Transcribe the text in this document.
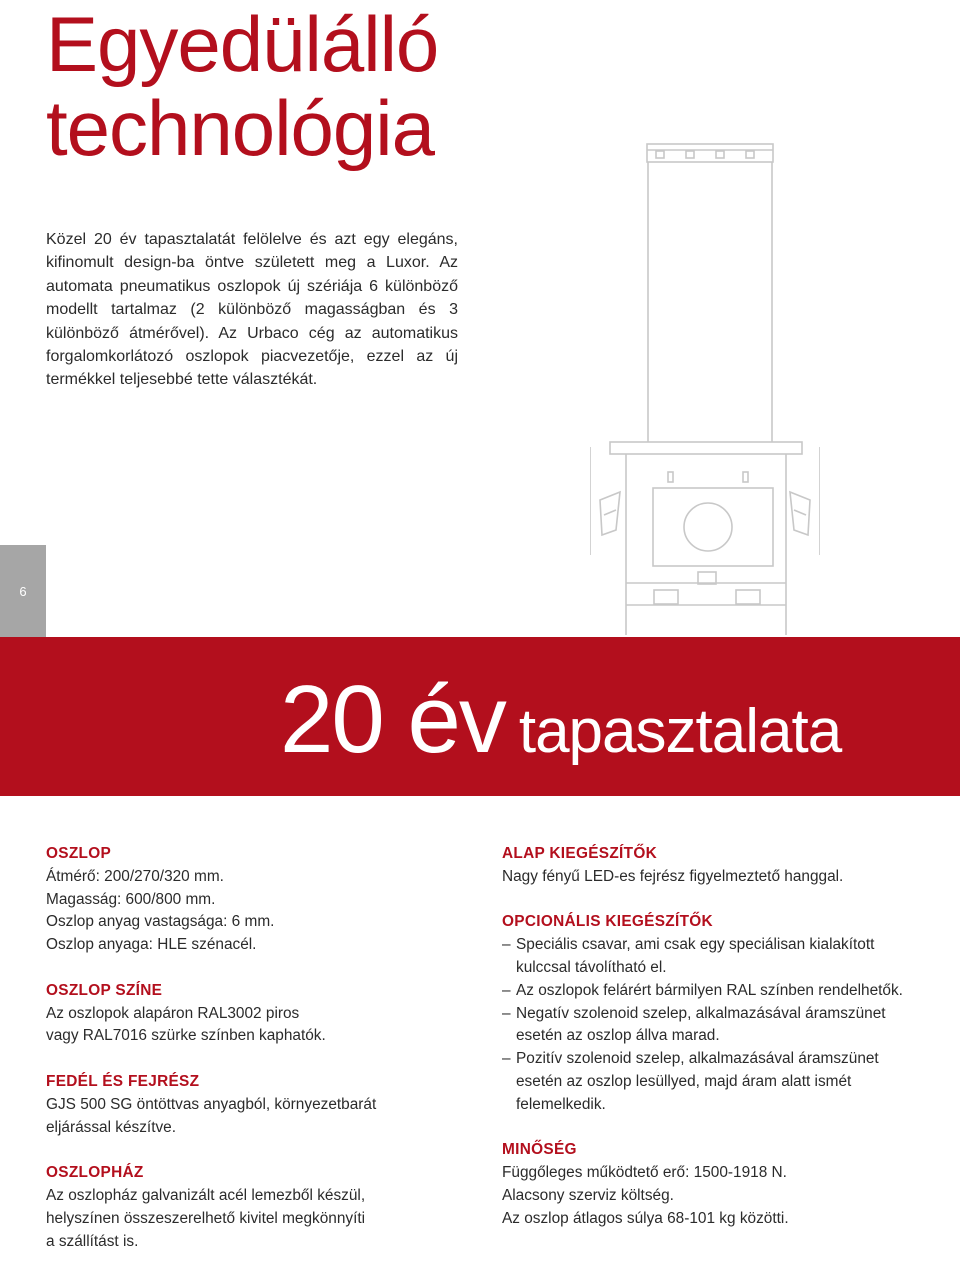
Egyedülálló
technológia

Közel 20 év tapasztalatát felölelve és azt egy elegáns, kifinomult design-ba öntve született meg a Luxor. Az automata pneumatikus oszlopok új szériája 6 különböző modellt tartalmaz (2 különböző magasságban és 3 különböző átmérővel). Az Urbaco cég az automatikus forgalomkorlátozó oszlopok piacvezetője, ezzel az új termékkel teljesebbé tette választékát.

6
20 év tapasztalata

OSZLOP

Átmérő: 200/270/320 mm.
Magasság: 600/800 mm.
Oszlop anyag vastagsága: 6 mm.
Oszlop anyaga: HLE szénacél.

OSZLOP SZÍNE

Az oszlopok alapáron RAL3002 piros
vagy RAL7016 szürke színben kaphatók.

FEDÉL ÉS FEJRÉSZ

GJS 500 SG öntöttvas anyagból, környezetbarát
eljárással készítve.

OSZLOPHÁZ

Az oszlopház galvanizált acél lemezből készül,
helyszínen összeszerelhető kivitel megkönnyíti
a szállítást is.

ALAP KIEGÉSZÍTŐK

Nagy fényű LED-es fejrész figyelmeztető hanggal.

OPCIONÁLIS KIEGÉSZÍTŐK

– Speciális csavar, ami csak egy speciálisan kialakított kulccsal távolítható el.

– Az oszlopok felárért bármilyen RAL színben rendelhetők.

– Negatív szolenoid szelep, alkalmazásával áramszünet esetén az oszlop állva marad.

– Pozitív szolenoid szelep, alkalmazásával áramszünet esetén az oszlop lesüllyed, majd áram alatt ismét felemelkedik.

MINŐSÉG

Függőleges működtető erő: 1500-1918 N.
Alacsony szerviz költség.
Az oszlop átlagos súlya 68-101 kg közötti.
